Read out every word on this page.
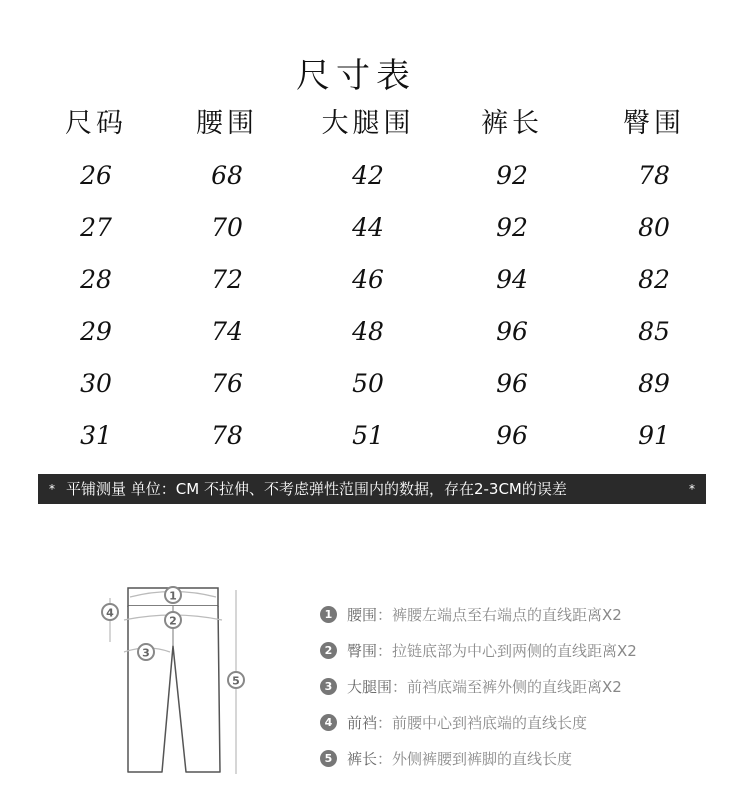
尺寸表
尺码	腰围	大腿围	裤长	臀围
26	68	42	92	78
27	70	44	92	80
28	72	46	94	82
29	74	48	96	85
30	76	50	96	89
31	78	51	96	91
* 平铺测量 单位：CM 不拉伸、不考虑弹性范围内的数据，存在2-3CM的误差	*
1
2
3
4
5
1 腰围 ：裤腰左端点至右端点的直线距离X2
2 臀围 ：拉链底部为中心到两侧的直线距离X2
3 大腿围 ：前裆底端至裤外侧的直线距离X2
4 前裆 ：前腰中心到裆底端的直线长度
5 裤长 ：外侧裤腰到裤脚的直线长度
